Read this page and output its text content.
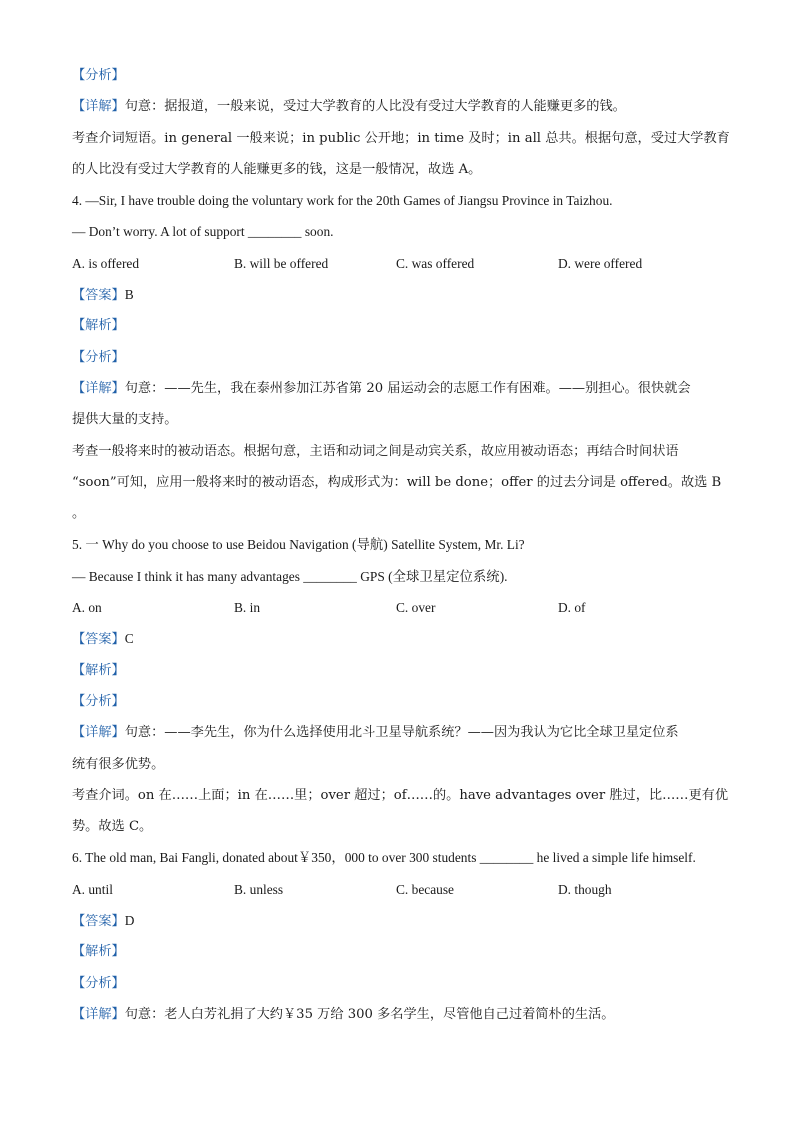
【分析】
【详解】句意：据报道，一般来说，受过大学教育的人比没有受过大学教育的人能赚更多的钱。
考查介词短语。in general 一般来说；in public 公开地；in time 及时；in all 总共。根据句意，受过大学教育
的人比没有受过大学教育的人能赚更多的钱，这是一般情况，故选 A。
4. —Sir, I have trouble doing the voluntary work for the 20th Games of Jiangsu Province in Taizhou.
— Don’t worry. A lot of support ________ soon.
A. is offered	B. will be offered	C. was offered	D. were offered
【答案】B
【解析】
【分析】
【详解】句意：——先生，我在泰州参加江苏省第 20 届运动会的志愿工作有困难。——别担心。很快就会
提供大量的支持。
考查一般将来时的被动语态。根据句意，主语和动词之间是动宾关系，故应用被动语态；再结合时间状语
“soon”可知，应用一般将来时的被动语态，构成形式为：will be done；offer 的过去分词是 offered。故选 B
。
5. 一 Why do you choose to use Beidou Navigation (导航) Satellite System, Mr. Li?
— Because I think it has many advantages ________ GPS (全球卫星定位系统).
A. on	B. in	C. over	D. of
【答案】C
【解析】
【分析】
【详解】句意：——李先生，你为什么选择使用北斗卫星导航系统？——因为我认为它比全球卫星定位系
统有很多优势。
考查介词。on 在……上面；in 在……里；over 超过；of……的。have advantages over 胜过，比……更有优
势。故选 C。
6. The old man, Bai Fangli, donated about￥350，000 to over 300 students ________ he lived a simple life himself.
A. until	B. unless	C. because	D. though
【答案】D
【解析】
【分析】
【详解】句意：老人白芳礼捐了大约￥35 万给 300 多名学生，尽管他自己过着简朴的生活。
